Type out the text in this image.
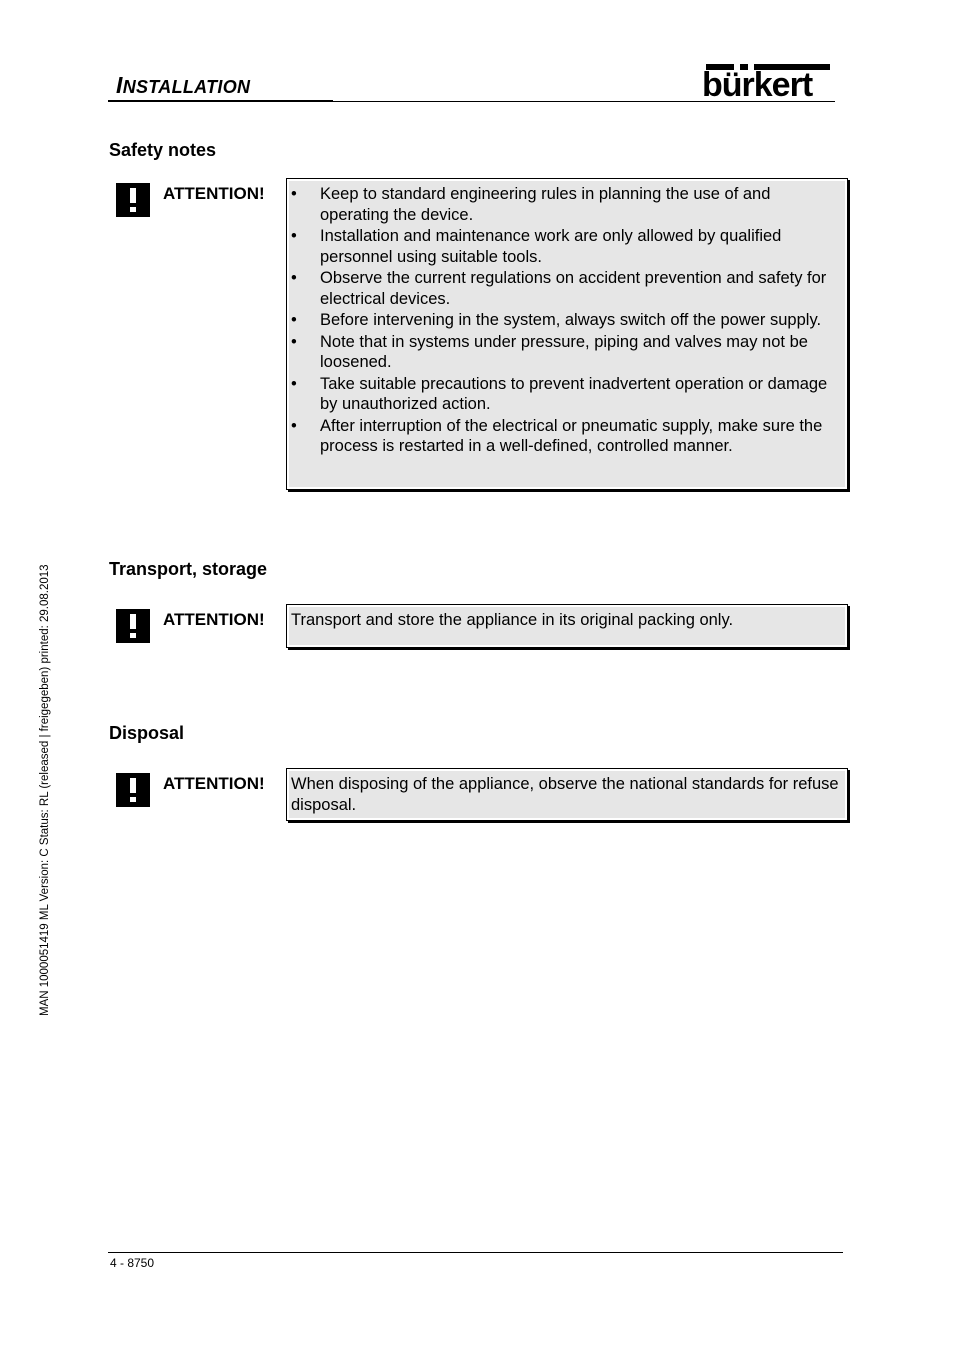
INSTALLATION	bürkert
Safety notes
ATTENTION! • Keep to standard engineering rules in planning the use of and operating the device.
• Installation and maintenance work are only allowed by qualified personnel using suitable tools.
• Observe the current regulations on accident prevention and safety for electrical devices.
• Before intervening in the system, always switch off the power supply.
• Note that in systems under pressure, piping and valves may not be loosened.
• Take suitable precautions to prevent inadvertent operation or damage by unauthorized action.
• After interruption of the electrical or pneumatic supply, make sure the process is restarted in a well-defined, controlled manner.
Transport, storage
ATTENTION! Transport and store the appliance in its original packing only.
Disposal
ATTENTION! When disposing of the appliance, observe the national standards for refuse disposal.
MAN 1000051419 ML Version: C Status: RL (released | freigegeben) printed: 29.08.2013
4 - 8750
